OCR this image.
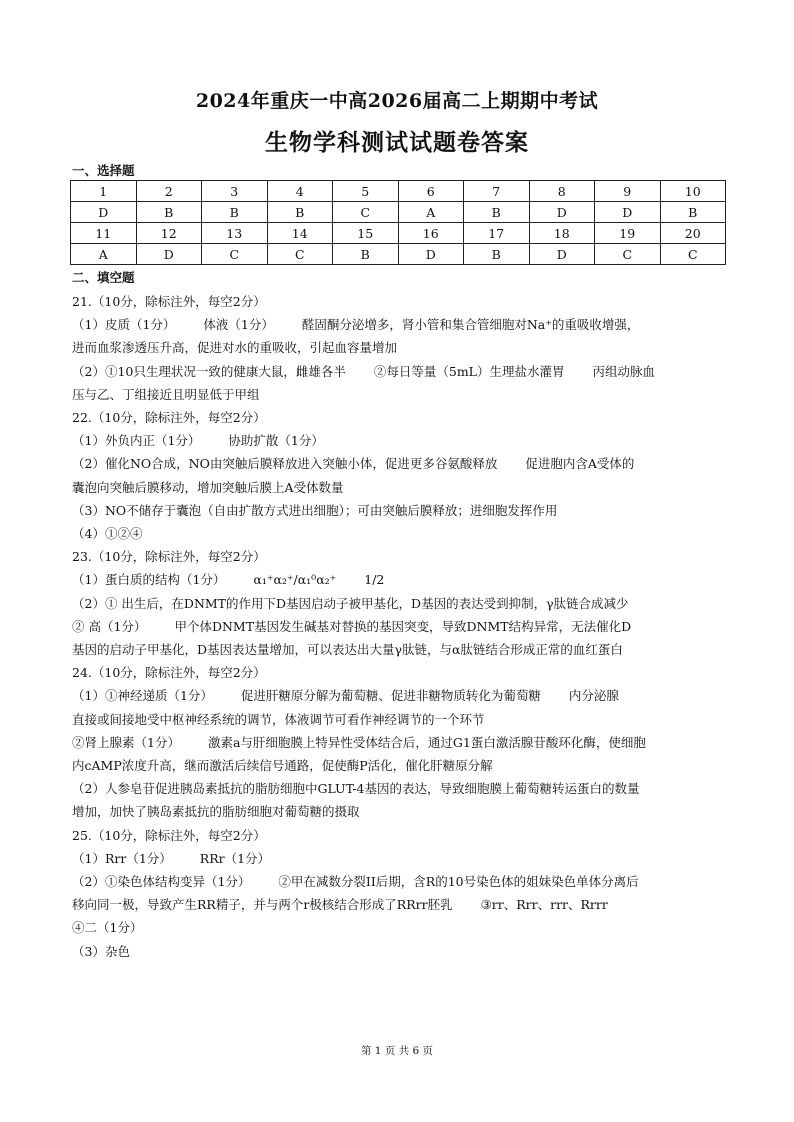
2024年重庆一中高2026届高二上期期中考试
生物学科测试试题卷答案
一、选择题
1	2	3	4	5	6	7	8	9	10
D	B	B	B	C	A	B	D	D	B
11	12	13	14	15	16	17	18	19	20
A	D	C	C	B	D	B	D	C	C
二、填空题
21.（10分，除标注外，每空2分）
（1）皮质（1分） 体液（1分） 醛固酮分泌增多，肾小管和集合管细胞对Na⁺的重吸收增强，
进而血浆渗透压升高，促进对水的重吸收，引起血容量增加
（2）①10只生理状况一致的健康大鼠，雌雄各半 ②每日等量（5mL）生理盐水灌胃 丙组动脉血
压与乙、丁组接近且明显低于甲组
22.（10分，除标注外，每空2分）
（1）外负内正（1分） 协助扩散（1分）
（2）催化NO合成，NO由突触后膜释放进入突触小体，促进更多谷氨酸释放 促进胞内含A受体的
囊泡向突触后膜移动，增加突触后膜上A受体数量
（3）NO不储存于囊泡（自由扩散方式进出细胞）；可由突触后膜释放；进细胞发挥作用
（4）①②④
23.（10分，除标注外，每空2分）
（1）蛋白质的结构（1分） α₁⁺α₂⁺/α₁⁰α₂⁺ 1/2
（2）① 出生后，在DNMT的作用下D基因启动子被甲基化，D基因的表达受到抑制，γ肽链合成减少
② 高（1分） 甲个体DNMT基因发生碱基对替换的基因突变，导致DNMT结构异常，无法催化D
基因的启动子甲基化，D基因表达量增加，可以表达出大量γ肽链，与α肽链结合形成正常的血红蛋白
24.（10分，除标注外，每空2分）
（1）①神经递质（1分） 促进肝糖原分解为葡萄糖、促进非糖物质转化为葡萄糖 内分泌腺
直接或间接地受中枢神经系统的调节，体液调节可看作神经调节的一个环节
②肾上腺素（1分） 激素a与肝细胞膜上特异性受体结合后，通过G1蛋白激活腺苷酸环化酶，使细胞
内cAMP浓度升高，继而激活后续信号通路，促使酶P活化，催化肝糖原分解
（2）人参皂苷促进胰岛素抵抗的脂肪细胞中GLUT-4基因的表达，导致细胞膜上葡萄糖转运蛋白的数量
增加，加快了胰岛素抵抗的脂肪细胞对葡萄糖的摄取
25.（10分，除标注外，每空2分）
（1）Rrr（1分） RRr（1分）
（2）①染色体结构变异（1分） ②甲在减数分裂II后期，含R的10号染色体的姐妹染色单体分离后
移向同一极，导致产生RR精子，并与两个r极核结合形成了RRrr胚乳 ③rr、Rrr、rrr、Rrrr
④二（1分）
（3）杂色
第 1 页 共 6 页
